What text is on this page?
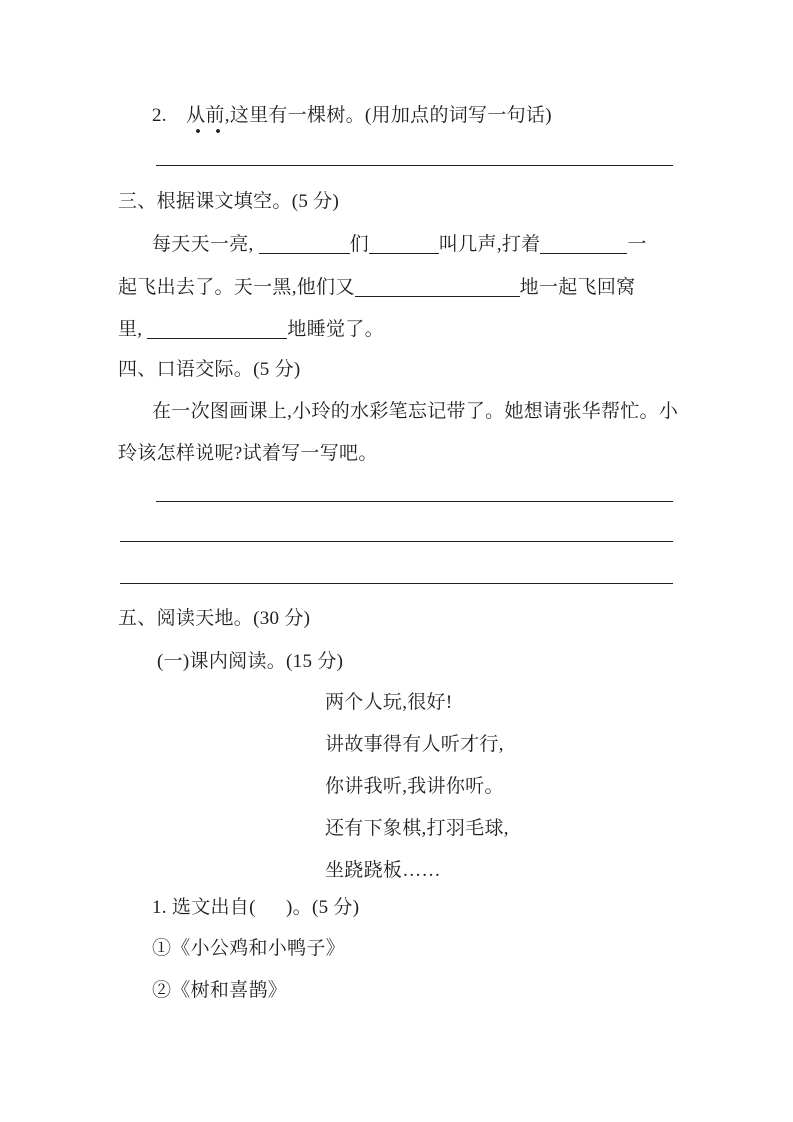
2.　从前,这里有一棵树。(用加点的词写一句话)
三、根据课文填空。(5 分)
每天天一亮,	们	叫几声,打着	一
起飞出去了。天一黑,他们又	地一起飞回窝
里,	地睡觉了。
四、口语交际。(5 分)
在一次图画课上,小玲的水彩笔忘记带了。她想请张华帮忙。小
玲该怎样说呢?试着写一写吧。
五、阅读天地。(30 分)
(一)课内阅读。(15 分)
两个人玩,很好!
讲故事得有人听才行,
你讲我听,我讲你听。
还有下象棋,打羽毛球,
坐跷跷板……
1. 选文出自(      )。(5 分)
①《小公鸡和小鸭子》
②《树和喜鹊》
